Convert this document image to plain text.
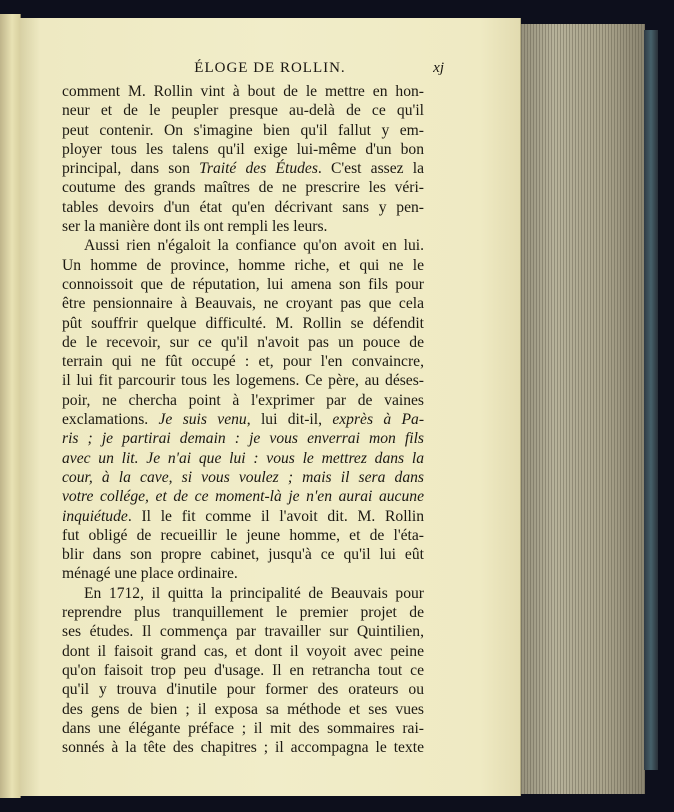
ÉLOGE DE ROLLIN.	xj
comment M. Rollin vint à bout de le mettre en hon-
neur et de le peupler presque au-delà de ce qu'il
peut contenir. On s'imagine bien qu'il fallut y em-
ployer tous les talens qu'il exige lui-même d'un bon
principal, dans son Traité des Études. C'est assez la
coutume des grands maîtres de ne prescrire les véri-
tables devoirs d'un état qu'en décrivant sans y pen-
ser la manière dont ils ont rempli les leurs.
Aussi rien n'égaloit la confiance qu'on avoit en lui.
Un homme de province, homme riche, et qui ne le
connoissoit que de réputation, lui amena son fils pour
être pensionnaire à Beauvais, ne croyant pas que cela
pût souffrir quelque difficulté. M. Rollin se défendit
de le recevoir, sur ce qu'il n'avoit pas un pouce de
terrain qui ne fût occupé : et, pour l'en convaincre,
il lui fit parcourir tous les logemens. Ce père, au déses-
poir, ne chercha point à l'exprimer par de vaines
exclamations. Je suis venu, lui dit-il, exprès à Pa-
ris ; je partirai demain : je vous enverrai mon fils
avec un lit. Je n'ai que lui : vous le mettrez dans la
cour, à la cave, si vous voulez ; mais il sera dans
votre collége, et de ce moment-là je n'en aurai aucune
inquiétude. Il le fit comme il l'avoit dit. M. Rollin
fut obligé de recueillir le jeune homme, et de l'éta-
blir dans son propre cabinet, jusqu'à ce qu'il lui eût
ménagé une place ordinaire.
En 1712, il quitta la principalité de Beauvais pour
reprendre plus tranquillement le premier projet de
ses études. Il commença par travailler sur Quintilien,
dont il faisoit grand cas, et dont il voyoit avec peine
qu'on faisoit trop peu d'usage. Il en retrancha tout ce
qu'il y trouva d'inutile pour former des orateurs ou
des gens de bien ; il exposa sa méthode et ses vues
dans une élégante préface ; il mit des sommaires rai-
sonnés à la tête des chapitres ; il accompagna le texte
